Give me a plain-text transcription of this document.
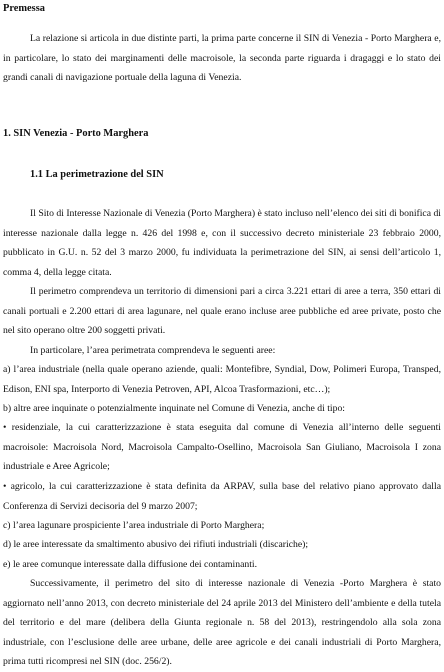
Premessa
La relazione si articola in due distinte parti, la prima parte concerne il SIN di Venezia - Porto Marghera e, in particolare, lo stato dei marginamenti delle macroisole, la seconda parte riguarda i dragaggi e lo stato dei grandi canali di navigazione portuale della laguna di Venezia.
1. SIN Venezia - Porto Marghera
1.1 La perimetrazione del SIN
Il Sito di Interesse Nazionale di Venezia (Porto Marghera) è stato incluso nell’elenco dei siti di bonifica di interesse nazionale dalla legge n. 426 del 1998 e, con il successivo decreto ministeriale 23 febbraio 2000, pubblicato in G.U. n. 52 del 3 marzo 2000, fu individuata la perimetrazione del SIN, ai sensi dell’articolo 1, comma 4, della legge citata.
Il perimetro comprendeva un territorio di dimensioni pari a circa 3.221 ettari di aree a terra, 350 ettari di canali portuali e 2.200 ettari di area lagunare, nel quale erano incluse aree pubbliche ed aree private, posto che nel sito operano oltre 200 soggetti privati.
In particolare, l’area perimetrata comprendeva le seguenti aree:
a) l’area industriale (nella quale operano aziende, quali: Montefibre, Syndial, Dow, Polimeri Europa, Transped, Edison, ENI spa, Interporto di Venezia Petroven, API, Alcoa Trasformazioni, etc…);
b) altre aree inquinate o potenzialmente inquinate nel Comune di Venezia, anche di tipo:
• residenziale, la cui caratterizzazione è stata eseguita dal comune di Venezia all’interno delle seguenti macroisole: Macroisola Nord, Macroisola Campalto-Osellino, Macroisola San Giuliano, Macroisola I zona industriale e Aree Agricole;
• agricolo, la cui caratterizzazione è stata definita da ARPAV, sulla base del relativo piano approvato dalla Conferenza di Servizi decisoria del 9 marzo 2007;
c) l’area lagunare prospiciente l’area industriale di Porto Marghera;
d) le aree interessate da smaltimento abusivo dei rifiuti industriali (discariche);
e) le aree comunque interessate dalla diffusione dei contaminanti.
Successivamente, il perimetro del sito di interesse nazionale di Venezia -Porto Marghera è stato aggiornato nell’anno 2013, con decreto ministeriale del 24 aprile 2013 del Ministero dell’ambiente e della tutela del territorio e del mare (delibera della Giunta regionale n. 58 del 2013), restringendolo alla sola zona industriale, con l’esclusione delle aree urbane, delle aree agricole e dei canali industriali di Porto Marghera, prima tutti ricompresi nel SIN (doc. 256/2).
